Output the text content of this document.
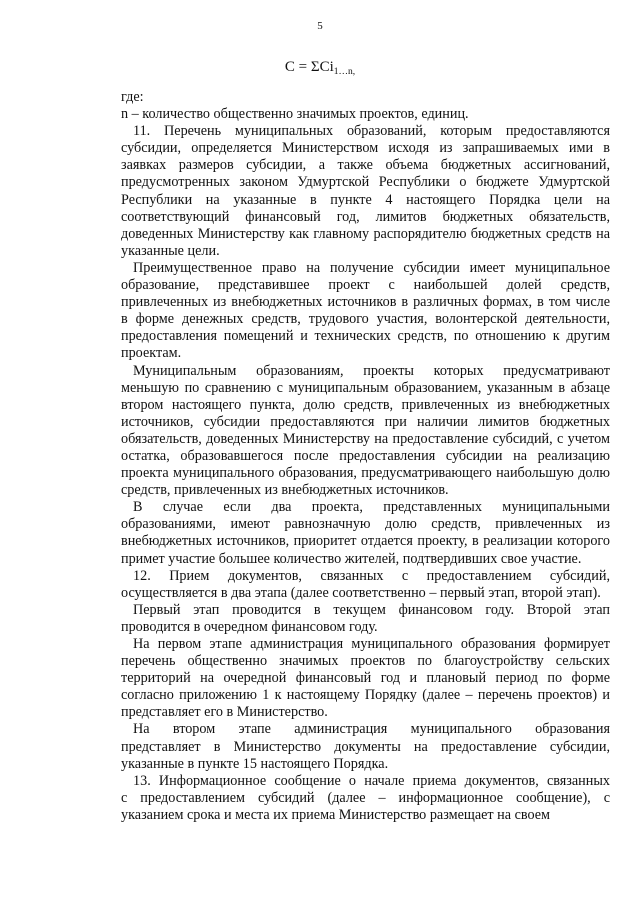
5
C = ΣCi$_{1\dots n,}$
где:
n – количество общественно значимых проектов, единиц.
11. Перечень муниципальных образований, которым предоставляются
субсидии, определяется Министерством исходя из запрашиваемых ими в
заявках размеров субсидии, а также объема бюджетных ассигнований,
предусмотренных законом Удмуртской Республики о бюджете Удмуртской
Республики на указанные в пункте 4 настоящего Порядка цели на
соответствующий финансовый год, лимитов бюджетных обязательств,
доведенных Министерству как главному распорядителю бюджетных средств на
указанные цели.
Преимущественное право на получение субсидии имеет муниципальное
образование, представившее проект с наибольшей долей средств,
привлеченных из внебюджетных источников в различных формах, в том числе
в форме денежных средств, трудового участия, волонтерской деятельности,
предоставления помещений и технических средств, по отношению к другим
проектам.
Муниципальным образованиям, проекты которых предусматривают
меньшую по сравнению с муниципальным образованием, указанным в абзаце
втором настоящего пункта, долю средств, привлеченных из внебюджетных
источников, субсидии предоставляются при наличии лимитов бюджетных
обязательств, доведенных Министерству на предоставление субсидий, с учетом
остатка, образовавшегося после предоставления субсидии на реализацию
проекта муниципального образования, предусматривающего наибольшую долю
средств, привлеченных из внебюджетных источников.
В случае если два проекта, представленных муниципальными
образованиями, имеют равнозначную долю средств, привлеченных из
внебюджетных источников, приоритет отдается проекту, в реализации которого
примет участие большее количество жителей, подтвердивших свое участие.
12. Прием документов, связанных с предоставлением субсидий,
осуществляется в два этапа (далее соответственно – первый этап, второй этап).
Первый этап проводится в текущем финансовом году. Второй этап
проводится в очередном финансовом году.
На первом этапе администрация муниципального образования формирует
перечень общественно значимых проектов по благоустройству сельских
территорий на очередной финансовый год и плановый период по форме
согласно приложению 1 к настоящему Порядку (далее – перечень проектов) и
представляет его в Министерство.
На втором этапе администрация муниципального образования
представляет в Министерство документы на предоставление субсидии,
указанные в пункте 15 настоящего Порядка.
13. Информационное сообщение о начале приема документов, связанных
с предоставлением субсидий (далее – информационное сообщение), с
указанием срока и места их приема Министерство размещает на своем
